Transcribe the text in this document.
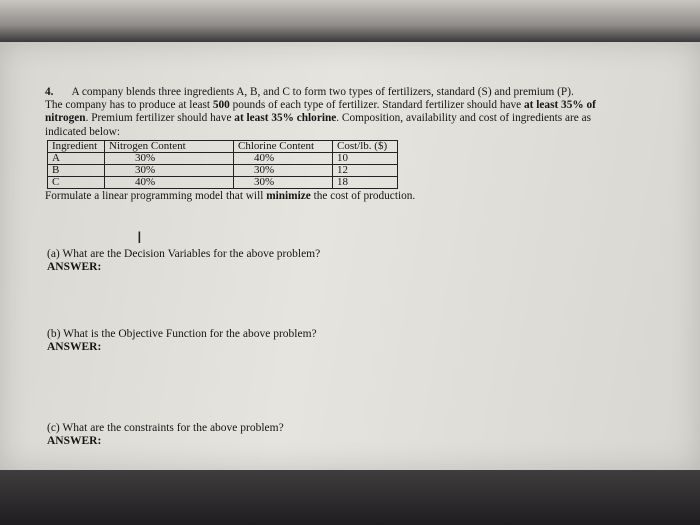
4. A company blends three ingredients A, B, and C to form two types of fertilizers, standard (S) and premium (P).

The company has to produce at least 500 pounds of each type of fertilizer. Standard fertilizer should have at least 35% of

nitrogen. Premium fertilizer should have at least 35% chlorine. Composition, availability and cost of ingredients are as

indicated below:

Ingredient	Nitrogen Content	Chlorine Content	Cost/lb. ($)
A	30%	40%	10
B	30%	30%	12
C	40%	30%	18

Formulate a linear programming model that will minimize the cost of production.

I
(a) What are the Decision Variables for the above problem?
ANSWER:
(b) What is the Objective Function for the above problem?
ANSWER:
(c) What are the constraints for the above problem?
ANSWER:
